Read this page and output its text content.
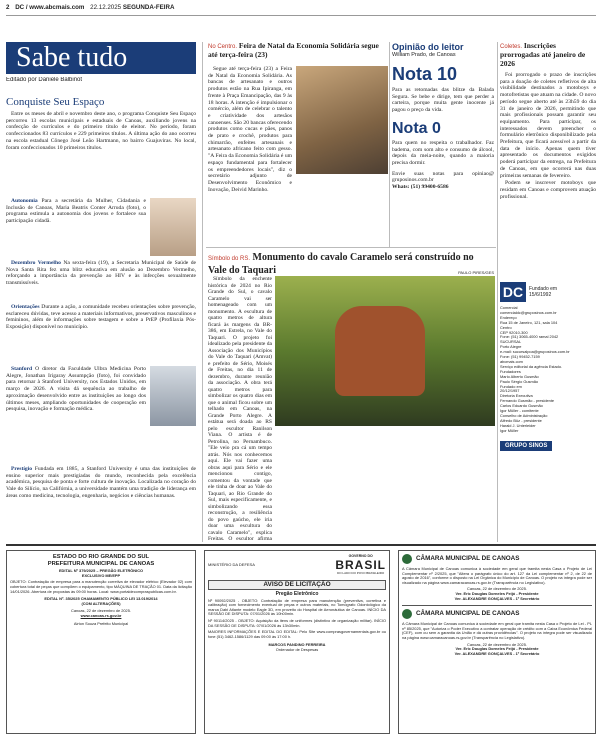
2 DC / www.abcmais.com 22.12.2025 SEGUNDA-FEIRA
Sabe tudo
Editado por Daniele Balbinot
Conquiste Seu Espaço

Entre os meses de abril e novembro deste ano, o programa Conquiste Seu Espaço percorreu 13 escolas municipais e estaduais de Canoas, auxiliando jovens na confecção de currículos e do primeiro título de eleitor. No período, foram confeccionados 83 currículos e 229 primeiros títulos. A última ação do ano ocorreu na escola estadual Cônego José Leão Hartmann, no bairro Guajuviras. No local, foram confeccionados 10 primeiros títulos.

Autonomia Para a secretária da Mulher, Cidadania e Inclusão de Canoas, Maria Beatris Conter Arruda (foto), o programa estimula a autonomia dos jovens e fortalece sua participação cidadã.

Dezembro Vermelho Na sexta-feira (19), a Secretaria Municipal de Saúde de Nova Santa Rita fez uma blitz educativa em alusão ao Dezembro Vermelho, reforçando a importância da prevenção ao HIV e às infecções sexualmente transmissíveis.

Orientações Durante a ação, a comunidade recebeu orientações sobre prevenção, esclareceu dúvidas, teve acesso a materiais informativos, preservativos masculinos e femininos, além de informações sobre testagem e sobre a PrEP (Profilaxia Pós-Exposição) disponível no município.

Stanford O diretor da Faculdade Ulbra Medicina Porto Alegre, Jonathan Irigaray Assumpção (foto), foi convidado para retornar à Stanford University, nos Estados Unidos, em março de 2026. A visita dá sequência ao trabalho de aproximação desenvolvido entre as instituições ao longo dos últimos meses, ampliando oportunidades de cooperação em pesquisa, inovação e formação médica.

Prestígio Fundada em 1885, a Stanford University é uma das instituições de ensino superior mais prestigiadas do mundo, reconhecida pela excelência acadêmica, pesquisa de ponta e forte cultura de inovação. Localizada no coração do Vale do Silício, na Califórnia, a universidade mantém uma tradição de liderança em áreas como medicina, tecnologia, engenharia, negócios e ciências humanas.

No Centro. Feira de Natal da Economia Solidária segue até terça-feira (23)

Segue até terça-feira (23) a Feira de Natal da Economia Solidária. As bancas de artesanato e outros produtos estão na Rua Ipiranga, em frente à Praça Emancipação, das 9 às 18 horas. A intenção é impulsionar o comércio, além de celebrar o talento e criatividade dos artesãos canoenses. São 20 bancas oferecendo produtos como cucas e pães, panos de prato e crochê, produtos para chimarrão, enfeites artesanais e artesanato africano feito com gesso. "A Feira da Economia Solidária é um espaço fundamental para fortalecer os empreendedores locais", diz o secretário adjunto de Desenvolvimento Econômico e Inovação, Deivid Marinho.

Opinião do leitor
William Prado, de Canoas
Nota 10
Para as retomadas das blitze da Balada Segura. Se bebe e dirige, tem que perder a carteira, porque muita gente inocente já pagou o preço da vida.
Nota 0
Para quem no respeita o trabalhador. Faz badema, com som alto e consumo de álcool, depois da meia-noite, quando a maioria precisa dormir.
Envie suas notas para opiniao@ gruposinos.com.br
Whats: (51) 99400-6586
Coletes. Inscrições prorrogadas até janeiro de 2026

Foi prorrogado o prazo de inscrições para a doação de coletes refletivos de alta visibilidade destinados a motoboys e motofretistas que atuam na cidade. O novo período segue aberto até às 23h59 do dia 31 de janeiro de 2026, permitindo que mais profissionais possam garantir seu equipamento. Para participar, os interessados devem preencher o formulário eletrônico disponibilizado pela Prefeitura, que ficará acessível a partir da data de início. Apenas quem tiver apresentado os documentos exigidos poderá participar da entrega, na Prefeitura de Canoas, em que ocorrerá nas duas primeiras semanas de fevereiro.

Podem se inscrever motoboys que residam em Canoas e comprovem atuação profissional.

Símbolo do RS. Monumento do cavalo Caramelo será construído no Vale do Taquari	PAULO PIRES/GES

Símbolo da enchente histórica de 2024 no Rio Grande do Sul, o cavalo Caramelo vai ser homenageado com um monumento. A escultura de quatro metros de altura ficará às margens da BR-386, em Estrela, no Vale do Taquari. O projeto foi idealizado pela presidente da Associação dos Municípios do Vale do Taquari (Amvat) e prefeito de Sério, Moisés de Freitas, no dia 11 de dezembro, durante reunião da associação. A obra terá quatro metros para simbolizar os quatro dias em que o animal ficou sobre um telhado em Canoas, na Grande Porto Alegre. A estátua será doada ao RS pelo escultor Ranilson Viana. O artista é de Petrolina, no Pernambuco. "Ele veio pra cá um tempo atrás. Nós nos conhecemos aqui. Ele vai fazer uma obras aqui para Sério e ele mencionou contigo, comentou da vontade que ele tinha de doar ao Vale do Taquari, ao Rio Grande do Sul, mais especificamente, e simbolizando essa reconstrução, a resiliência do povo gaúcho, ele iria doar uma escultura do cavalo Caramelo", explica Freitas. O escultor afirma

DC	Fundado em 15/6/1992
Comercial
comercialdc@gruposinos.com.br
Endereço
Rua 15 de Janeiro, 121, sala 104
Centro
CEP 92010-300
Fone: (51) 3065-4000 ramal 2042
SUCURSAL
Porto Alegre
e-mail: sucursalpoa@gruposinos.com.br
Fone: (51) 99452-7159
abcmais.com
Serviço editorial da agência Estado.
Fundadores
Mario Alberto Gusmão
Paulo Sérgio Gusmão
Fundado em
20/12/1957
Diretoria Executiva
Fernando Gusmão - presidente
Carlos Eduardo Gusmão
Igor Müller - comitente
Conselho de Administração
Alfredo Büz - presidente
Harald J. Unterleider
Igor Müller
GRUPO SINOS
ESTADO DO RIO GRANDE DO SUL
PREFEITURA MUNICIPAL DE CANOAS
EDITAL Nº 379/2025 – PREGÃO ELETRÔNICO
EXCLUSIVO ME/EPP
OBJETO: Contratação de empresa para a manutenção corretiva de elevador elétrico (Elevador 02) com cobertura total de peças que compõem o equipamento, tipo MÁQUINA DE TRAÇÃO 01. Data da licitação 14/01/2026. Abertura de propostas às 09:00 horas. Local: www.portaldecompraspublicas.com.br.
EDITAL Nº. 35/2025 CHAMAMENTO PÚBLICO LEI 13.019/2014
(COM ALTERAÇÕES)
Canoas, 22 de dezembro de 2025.
www.canoas.rs.gov.br
Airton Souza Prefeito Municipal
MINISTÉRIO DA DEFESA
GOVERNO DO
BRASIL
DO LADO DO POVO BRASILEIRO
AVISO DE LICITAÇÃO
Pregão Eletrônico
Nº 90092/2025 - OBJETO: Contratação de empresa para manutenção (preventiva, corretiva e calibração) com fornecimento eventual de peças e outros materiais, no Tomógrafo Odontológico da marca Dabi Atlante modelo Eagle 3D, em proveito do Hospital de Aeronáutica de Canoas. INÍCIO DA SESSÃO DE DISPUTA: 07/01/2026 às 10h00min.
Nº 90114/2025 - OBJETO: Aquisição da itens de uniformes (distintivo de organização militar). INÍCIO DA SESSÃO DE DISPUTA: 07/01/2026 às 13h30min.
MAIORES INFORMAÇÕES E EDITAL DO EDITAL: Pelo Site www.comprasgovernamentais.gov.br ou fone (51) 3462-1586/1129 das 09:00 às 17:00 h.
MARCOS PANDINO FERREIRA
Ordenador de Despesas
CÂMARA MUNICIPAL DE CANOAS
A Câmara Municipal de Canoas comunica à sociedade em geral que tramita nesta Casa o Projeto de Lei Complementar nº 2/2025, que "Altera o parágrafo único do art. 127 da Lei complementar nº 2, de 22 de agosto de 2016", conforme o disposto na Lei Orgânica do Município de Canoas. O projeto na íntegra pode ser visualizado na página www.camaracanoas.rs.gov.br (Transparência no Legislativo).
Canoas, 22 de dezembro de 2025.
Ver. Eric Douglas Dorneles Feijó - Presidente
Ver. ALEXANDRE GONÇALVES - 1º Secretário
CÂMARA MUNICIPAL DE CANOAS
A Câmara Municipal de Canoas comunica à sociedade em geral que tramita nesta Casa o Projeto de Lei - PL nº 85/2025, que "Autoriza o Poder Executivo a contratar operação de crédito com a Caixa Econômica Federal (CEF), com ou sem a garantia da União e dá outras providências". O projeto na íntegra pode ser visualizado na página www.camaracanoas.rs.gov.br (Transparência no Legislativo).
Canoas, 22 de dezembro de 2025.
Ver. Eric Douglas Dorneles Feijó - Presidente
Ver. ALEXANDRE GONÇALVES - 1º Secretário
